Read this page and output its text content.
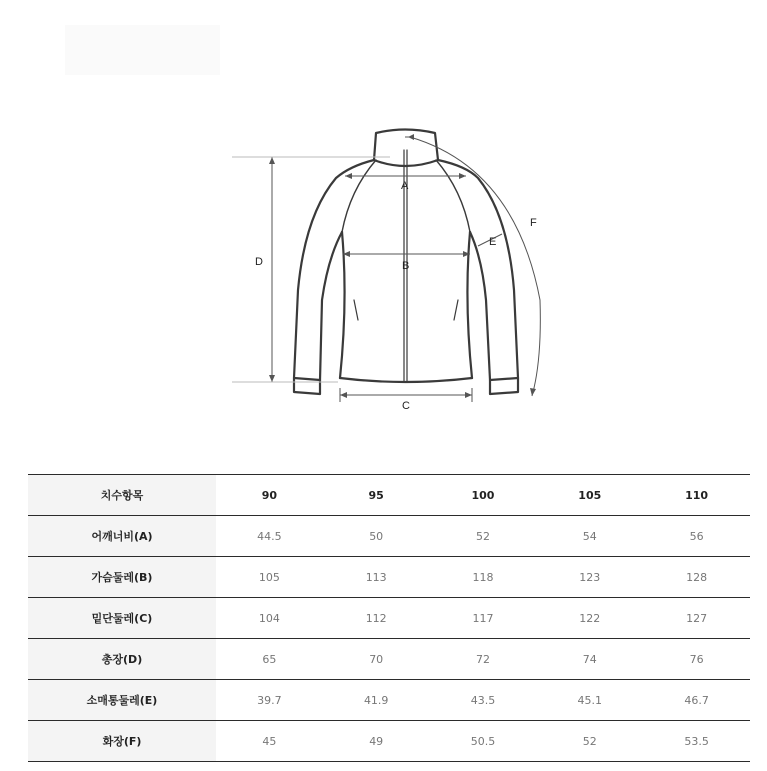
A
B
C
D
E
F
치수항목	90	95	100	105	110
어깨너비(A)	44.5	50	52	54	56
가슴둘레(B)	105	113	118	123	128
밑단둘레(C)	104	112	117	122	127
총장(D)	65	70	72	74	76
소매통둘레(E)	39.7	41.9	43.5	45.1	46.7
화장(F)	45	49	50.5	52	53.5
